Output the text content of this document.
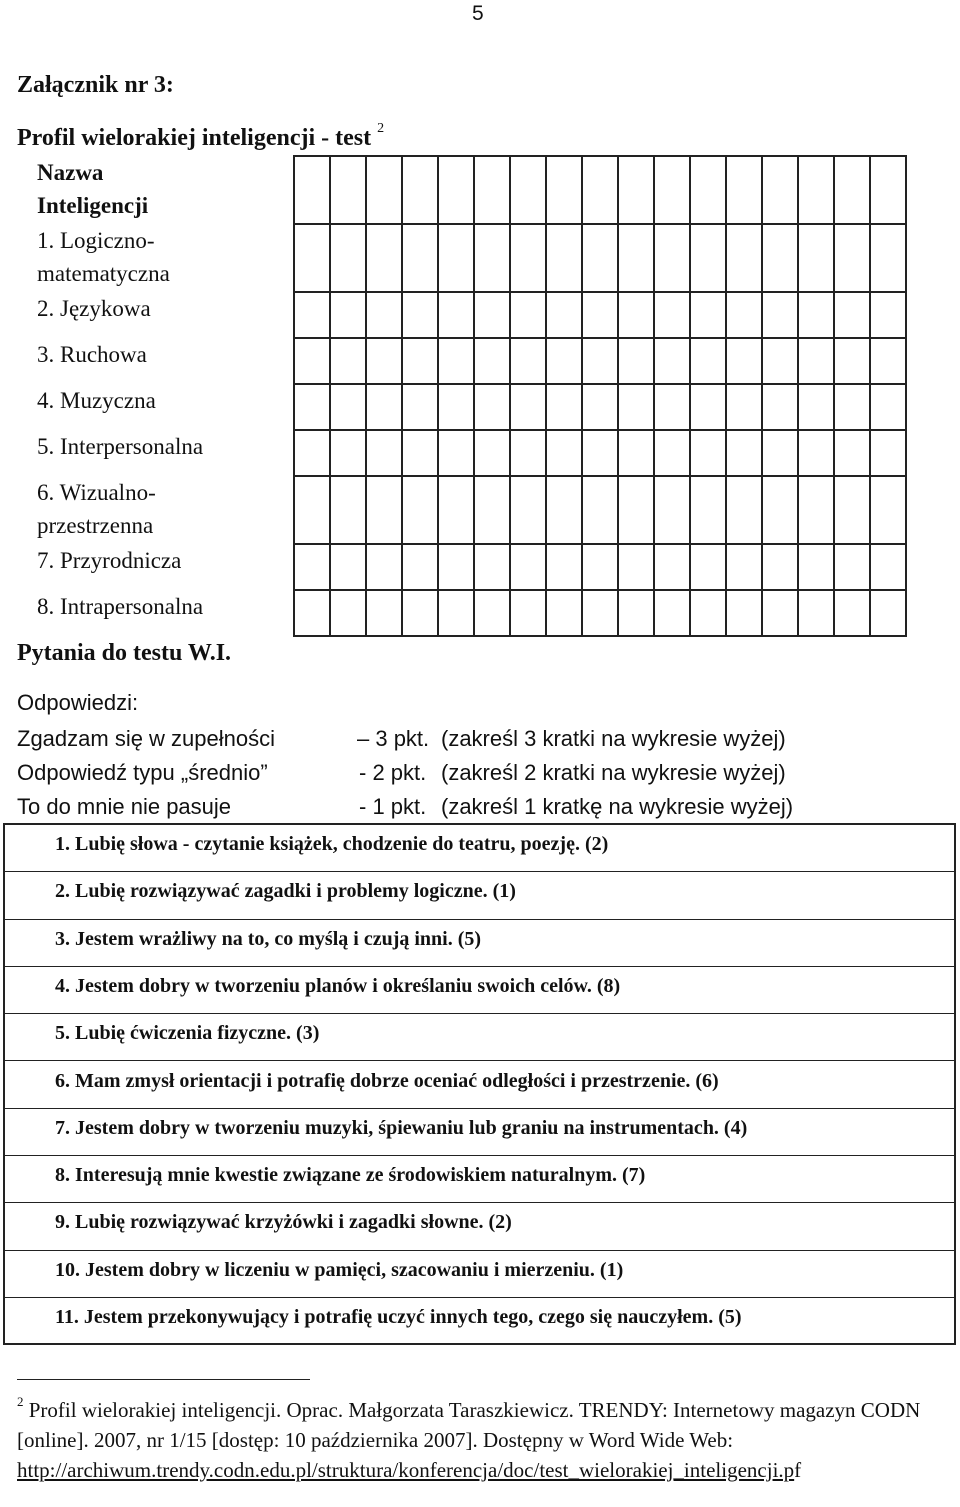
5
Załącznik nr 3:
Profil wielorakiej inteligencji - test $^2$
Nazwa
Inteligencji																	

1. Logiczno-
matematyczna																	

2. Językowa																	

3. Ruchowa																	

4. Muzyczna																	

5. Interpersonalna																	

6. Wizualno-
przestrzenna																	

7. Przyrodnicza																	

8. Intrapersonalna																	

Pytania do testu W.I.
Odpowiedzi:
Zgadzam się w zupełności	– 3 pkt. (zakreśl 3 kratki na wykresie wyżej)
Odpowiedź typu „średnio”	- 2 pkt. (zakreśl 2 kratki na wykresie wyżej)
To do mnie nie pasuje	- 1 pkt. (zakreśl 1 kratkę na wykresie wyżej)
1. Lubię słowa - czytanie książek, chodzenie do teatru, poezję. (2)
2. Lubię rozwiązywać zagadki i problemy logiczne. (1)
3. Jestem wrażliwy na to, co myślą i czują inni. (5)
4. Jestem dobry w tworzeniu planów i określaniu swoich celów. (8)
5. Lubię ćwiczenia fizyczne. (3)
6. Mam zmysł orientacji i potrafię dobrze oceniać odległości i przestrzenie. (6)
7. Jestem dobry w tworzeniu muzyki, śpiewaniu lub graniu na instrumentach. (4)
8. Interesują mnie kwestie związane ze środowiskiem naturalnym. (7)
9. Lubię rozwiązywać krzyżówki i zagadki słowne. (2)
10. Jestem dobry w liczeniu w pamięci, szacowaniu i mierzeniu. (1)
11. Jestem przekonywujący i potrafię uczyć innych tego, czego się nauczyłem. (5)
$^2$ Profil wielorakiej inteligencji. Oprac. Małgorzata Taraszkiewicz. TRENDY: Internetowy magazyn CODN [online]. 2007, nr 1/15 [dostęp: 10 października 2007]. Dostępny w Word Wide Web:
http://archiwum.trendy.codn.edu.pl/struktura/konferencja/doc/test_wielorakiej_inteligencji.pf
